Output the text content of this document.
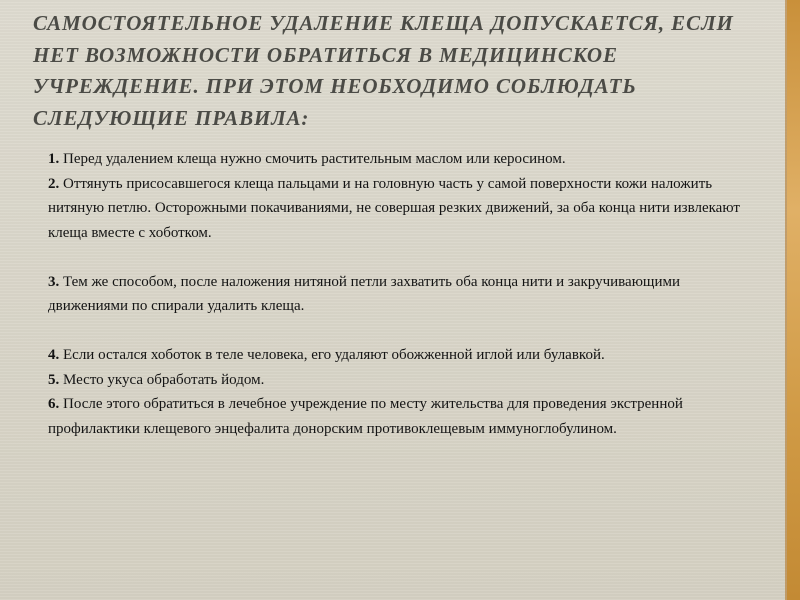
САМОСТОЯТЕЛЬНОЕ УДАЛЕНИЕ КЛЕЩА ДОПУСКАЕТСЯ, ЕСЛИ НЕТ ВОЗМОЖНОСТИ ОБРАТИТЬСЯ В МЕДИЦИНСКОЕ УЧРЕЖДЕНИЕ. ПРИ ЭТОМ НЕОБХОДИМО СОБЛЮДАТЬ СЛЕДУЮЩИЕ ПРАВИЛА:

1. Перед удалением клеща нужно смочить растительным маслом или керосином.

2. Оттянуть присосавшегося клеща пальцами и на головную часть у самой поверхности кожи наложить нитяную петлю. Осторожными покачиваниями, не совершая резких движений, за оба конца нити извлекают клеща вместе с хоботком.

3. Тем же способом, после наложения нитяной петли захватить оба конца нити и закручивающими движениями по спирали удалить клеща.

4. Если остался хоботок в теле человека, его удаляют обожженной иглой или булавкой.

5. Место укуса обработать йодом.

6. После этого обратиться в лечебное учреждение по месту жительства для проведения экстренной профилактики клещевого энцефалита донорским противоклещевым иммуноглобулином.
